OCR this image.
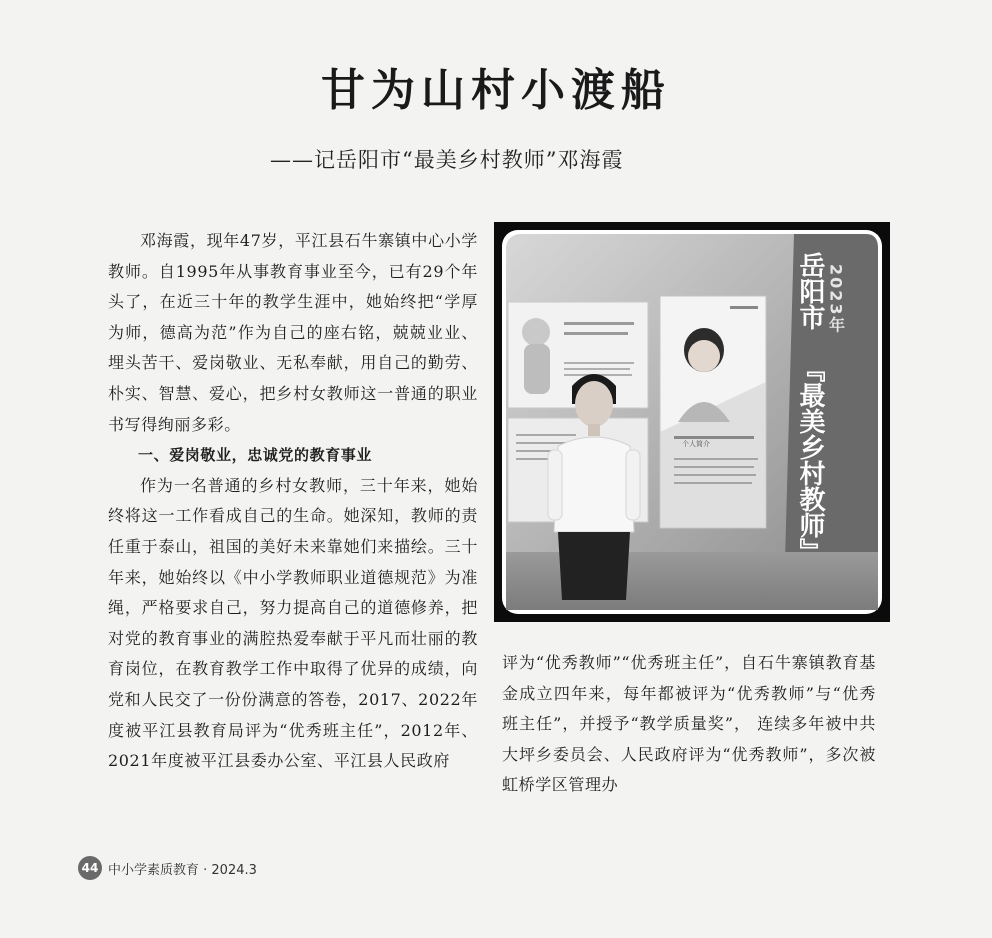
甘为山村小渡船
——记岳阳市“最美乡村教师”邓海霞

邓海霞，现年47岁，平江县石牛寨镇中心小学教师。自1995年从事教育事业至今，已有29个年头了，在近三十年的教学生涯中，她始终把“学厚为师，德高为范”作为自己的座右铭，兢兢业业、埋头苦干、爱岗敬业、无私奉献，用自己的勤劳、朴实、智慧、爱心，把乡村女教师这一普通的职业书写得绚丽多彩。

一、爱岗敬业，忠诚党的教育事业

作为一名普通的乡村女教师，三十年来，她始终将这一工作看成自己的生命。她深知，教师的责任重于泰山，祖国的美好未来靠她们来描绘。三十年来，她始终以《中小学教师职业道德规范》为准绳，严格要求自己，努力提高自己的道德修养，把对党的教育事业的满腔热爱奉献于平凡而壮丽的教育岗位，在教育教学工作中取得了优异的成绩，向党和人民交了一份份满意的答卷，2017、2022年度被平江县教育局评为“优秀班主任”，2012年、2021年度被平江县委办公室、平江县人民政府

个人简介
2023年
岳阳市
『最美乡村教师』

评为“优秀教师”“优秀班主任”，自石牛寨镇教育基金成立四年来，每年都被评为“优秀教师”与“优秀班主任”，并授予“教学质量奖”， 连续多年被中共大坪乡委员会、人民政府评为“优秀教师”，多次被虹桥学区管理办

44 中小学素质教育 · 2024.3
